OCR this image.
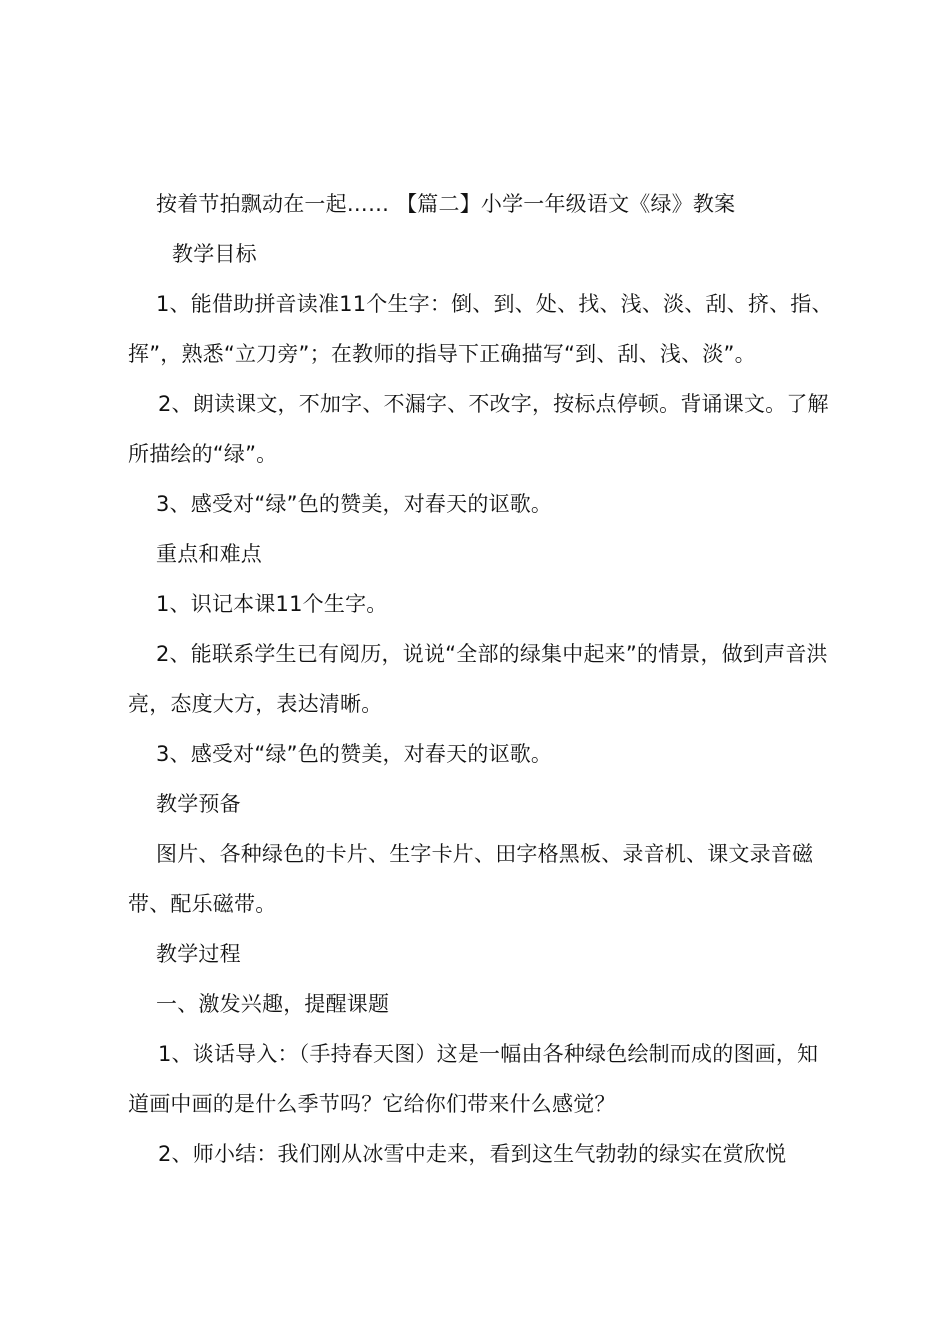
按着节拍飘动在一起…… 【篇二】小学一年级语文《绿》教案

教学目标

1、能借助拼音读准11个生字：倒、到、处、找、浅、淡、刮、挤、指、挥”，熟悉“立刀旁”；在教师的指导下正确描写“到、刮、浅、淡”。

2、朗读课文，不加字、不漏字、不改字，按标点停顿。背诵课文。了解所描绘的“绿”。

3、感受对“绿”色的赞美，对春天的讴歌。

重点和难点

1、识记本课11个生字。

2、能联系学生已有阅历，说说“全部的绿集中起来”的情景，做到声音洪亮，态度大方，表达清晰。

3、感受对“绿”色的赞美，对春天的讴歌。

教学预备

图片、各种绿色的卡片、生字卡片、田字格黑板、录音机、课文录音磁带、配乐磁带。

教学过程

一、激发兴趣，提醒课题

1、谈话导入：（手持春天图）这是一幅由各种绿色绘制而成的图画，知道画中画的是什么季节吗？它给你们带来什么感觉？

2、师小结：我们刚从冰雪中走来，看到这生气勃勃的绿实在赏欣悦
